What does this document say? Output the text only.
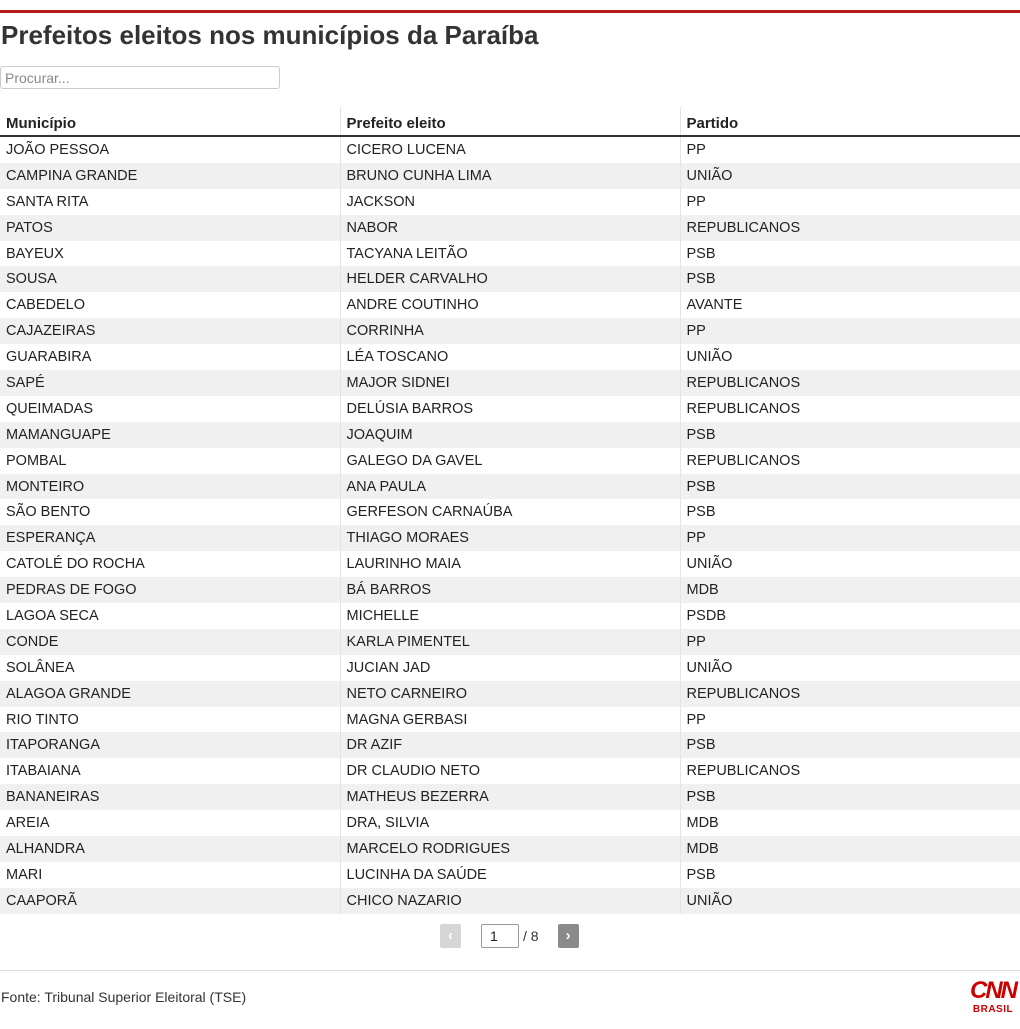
Prefeitos eleitos nos municípios da Paraíba
Procurar...
Município	Prefeito eleito	Partido
JOÃO PESSOA	CICERO LUCENA	PP
CAMPINA GRANDE	BRUNO CUNHA LIMA	UNIÃO
SANTA RITA	JACKSON	PP
PATOS	NABOR	REPUBLICANOS
BAYEUX	TACYANA LEITÃO	PSB
SOUSA	HELDER CARVALHO	PSB
CABEDELO	ANDRE COUTINHO	AVANTE
CAJAZEIRAS	CORRINHA	PP
GUARABIRA	LÉA TOSCANO	UNIÃO
SAPÉ	MAJOR SIDNEI	REPUBLICANOS
QUEIMADAS	DELÚSIA BARROS	REPUBLICANOS
MAMANGUAPE	JOAQUIM	PSB
POMBAL	GALEGO DA GAVEL	REPUBLICANOS
MONTEIRO	ANA PAULA	PSB
SÃO BENTO	GERFESON CARNAÚBA	PSB
ESPERANÇA	THIAGO MORAES	PP
CATOLÉ DO ROCHA	LAURINHO MAIA	UNIÃO
PEDRAS DE FOGO	BÁ BARROS	MDB
LAGOA SECA	MICHELLE	PSDB
CONDE	KARLA PIMENTEL	PP
SOLÂNEA	JUCIAN JAD	UNIÃO
ALAGOA GRANDE	NETO CARNEIRO	REPUBLICANOS
RIO TINTO	MAGNA GERBASI	PP
ITAPORANGA	DR AZIF	PSB
ITABAIANA	DR CLAUDIO NETO	REPUBLICANOS
BANANEIRAS	MATHEUS BEZERRA	PSB
AREIA	DRA, SILVIA	MDB
ALHANDRA	MARCELO RODRIGUES	MDB
MARI	LUCINHA DA SAÚDE	PSB
CAAPORÃ	CHICO NAZARIO	UNIÃO
‹
1	/ 8	›
Fonte: Tribunal Superior Eleitoral (TSE)	CNN
BRASIL
